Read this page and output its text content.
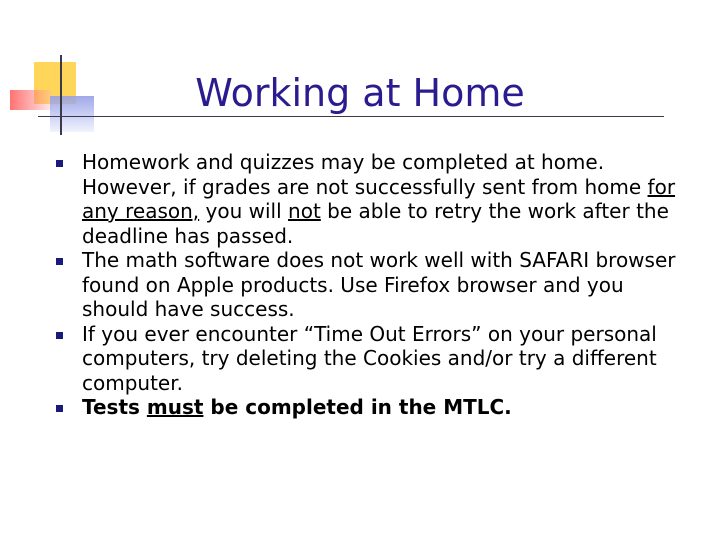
Working at Home
Homework and quizzes may be completed at home. However, if grades are not successfully sent from home for any reason, you will not be able to retry the work after the deadline has passed.
The math software does not work well with SAFARI browser found on Apple products. Use Firefox browser and you should have success.
If you ever encounter “Time Out Errors” on your personal computers, try deleting the Cookies and/or try a different computer.
Tests must be completed in the MTLC.
